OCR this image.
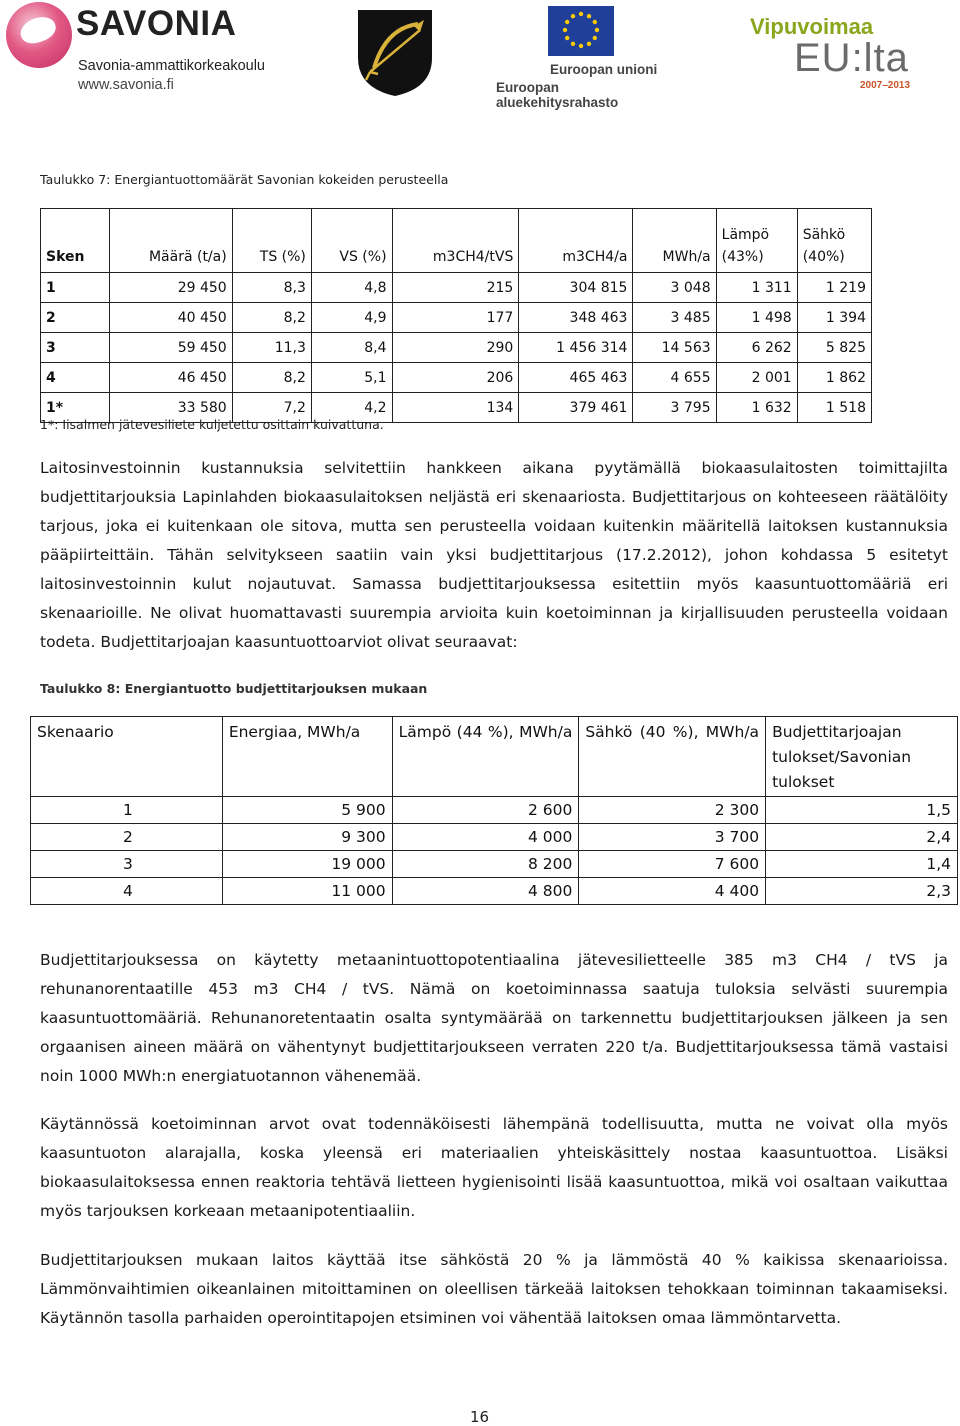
SAVONIA
Savonia-ammattikorkeakoulu
www.savonia.fi
Euroopan unioni
Euroopan aluekehitysrahasto
Vipuvoimaa
EU:lta
2007–2013
Taulukko 7: Energiantuottomäärät Savonian kokeiden perusteella
Sken	Määrä (t/a)	TS (%)	VS (%)	m3CH4/tVS	m3CH4/a	MWh/a	Lämpö
(43%)	Sähkö
(40%)
1	29 450	8,3	4,8	215	304 815	3 048	1 311	1 219
2	40 450	8,2	4,9	177	348 463	3 485	1 498	1 394
3	59 450	11,3	8,4	290	1 456 314	14 563	6 262	5 825
4	46 450	8,2	5,1	206	465 463	4 655	2 001	1 862
1*	33 580	7,2	4,2	134	379 461	3 795	1 632	1 518
1*: Iisalmen jätevesiliete kuljetettu osittain kuivattuna.
Laitosinvestoinnin kustannuksia selvitettiin hankkeen aikana pyytämällä biokaasulaitosten toimittajilta budjettitarjouksia Lapinlahden biokaasulaitoksen neljästä eri skenaariosta. Budjettitarjous on kohteeseen räätälöity tarjous, joka ei kuitenkaan ole sitova, mutta sen perusteella voidaan kuitenkin määritellä laitoksen kustannuksia pääpiirteittäin. Tähän selvitykseen saatiin vain yksi budjettitarjous (17.2.2012), johon kohdassa 5 esitetyt laitosinvestoinnin kulut nojautuvat. Samassa budjettitarjouksessa esitettiin myös kaasuntuottomääriä eri skenaarioille. Ne olivat huomattavasti suurempia arvioita kuin koetoiminnan ja kirjallisuuden perusteella voidaan todeta. Budjettitarjoajan kaasuntuottoarviot olivat seuraavat:
Taulukko 8: Energiantuotto budjettitarjouksen mukaan
Skenaario	Energiaa, MWh/a	Lämpö (44 %), MWh/a	Sähkö (40 %), MWh/a	Budjettitarjoajan tulokset/Savonian tulokset
1	5 900	2 600	2 300	1,5
2	9 300	4 000	3 700	2,4
3	19 000	8 200	7 600	1,4
4	11 000	4 800	4 400	2,3
Budjettitarjouksessa on käytetty metaanintuottopotentiaalina jätevesilietteelle 385 m3 CH4 / tVS ja rehunanorentaatille 453 m3 CH4 / tVS. Nämä on koetoiminnassa saatuja tuloksia selvästi suurempia kaasuntuottomääriä. Rehunanoretentaatin osalta syntymäärää on tarkennettu budjettitarjouksen jälkeen ja sen orgaanisen aineen määrä on vähentynyt budjettitarjoukseen verraten 220 t/a. Budjettitarjouksessa tämä vastaisi noin 1000 MWh:n energiatuotannon vähenemää.
Käytännössä koetoiminnan arvot ovat todennäköisesti lähempänä todellisuutta, mutta ne voivat olla myös kaasuntuoton alarajalla, koska yleensä eri materiaalien yhteiskäsittely nostaa kaasuntuottoa. Lisäksi biokaasulaitoksessa ennen reaktoria tehtävä lietteen hygienisointi lisää kaasuntuottoa, mikä voi osaltaan vaikuttaa myös tarjouksen korkeaan metaanipotentiaaliin.
Budjettitarjouksen mukaan laitos käyttää itse sähköstä 20 % ja lämmöstä 40 % kaikissa skenaarioissa. Lämmönvaihtimien oikeanlainen mitoittaminen on oleellisen tärkeää laitoksen tehokkaan toiminnan takaamiseksi. Käytännön tasolla parhaiden operointitapojen etsiminen voi vähentää laitoksen omaa lämmöntarvetta.
16
